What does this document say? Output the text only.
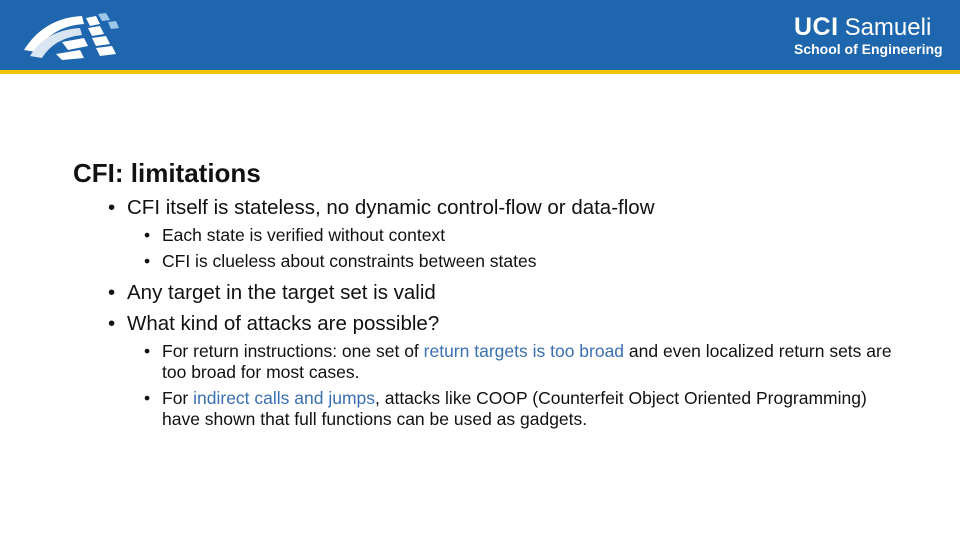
UCI Samueli
School of Engineering
CFI: limitations
• CFI itself is stateless, no dynamic control-flow or data-flow
• Each state is verified without context
• CFI is clueless about constraints between states
• Any target in the target set is valid
• What kind of attacks are possible?
• For return instructions: one set of return targets is too broad and even localized return sets are too broad for most cases.
• For indirect calls and jumps, attacks like COOP (Counterfeit Object Oriented Programming) have shown that full functions can be used as gadgets.
